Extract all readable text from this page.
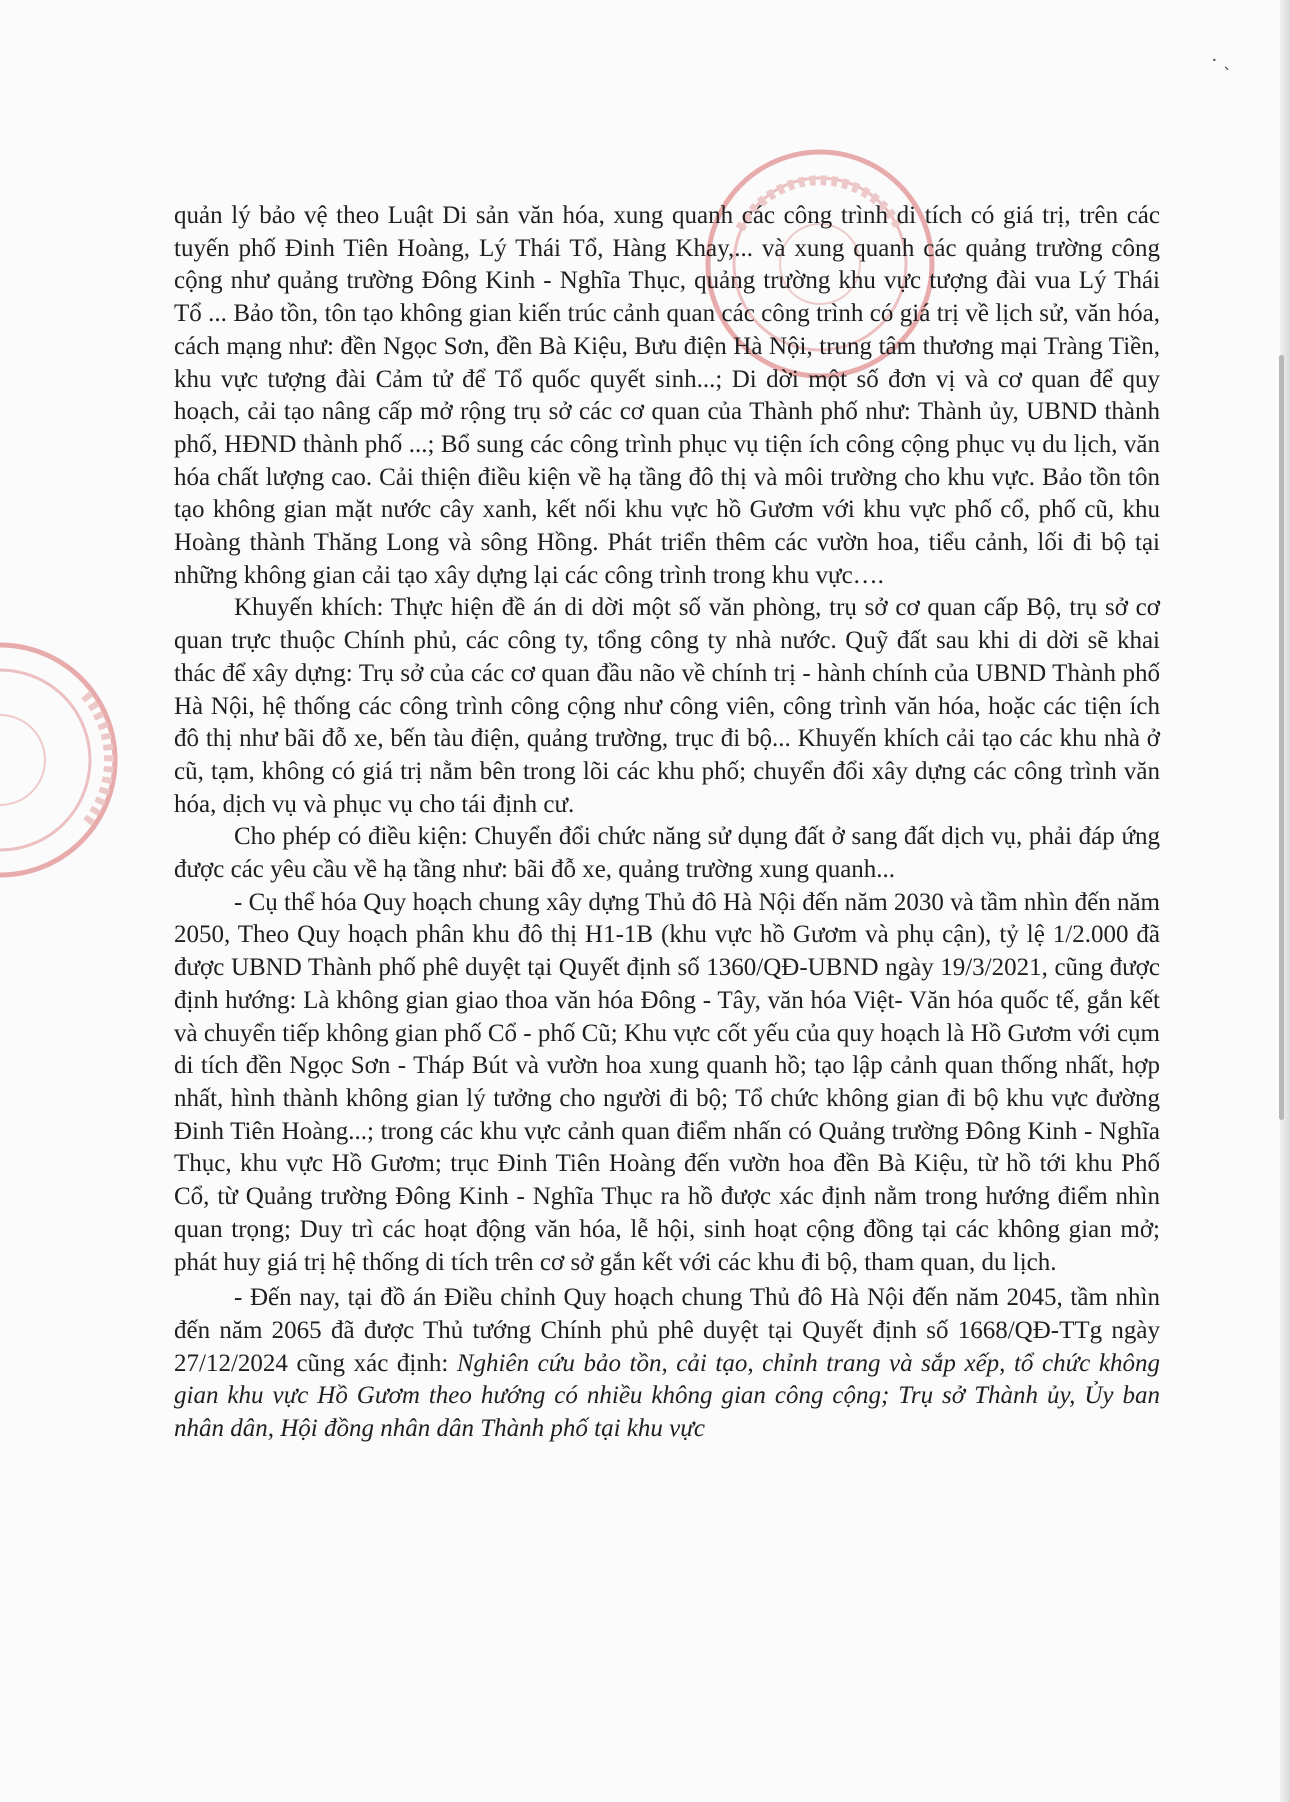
· ˎ

quản lý bảo vệ theo Luật Di sản văn hóa, xung quanh các công trình di tích có giá trị, trên các tuyến phố Đinh Tiên Hoàng, Lý Thái Tổ, Hàng Khay,... và xung quanh các quảng trường công cộng như quảng trường Đông Kinh - Nghĩa Thục, quảng trường khu vực tượng đài vua Lý Thái Tổ ... Bảo tồn, tôn tạo không gian kiến trúc cảnh quan các công trình có giá trị về lịch sử, văn hóa, cách mạng như: đền Ngọc Sơn, đền Bà Kiệu, Bưu điện Hà Nội, trung tâm thương mại Tràng Tiền, khu vực tượng đài Cảm tử để Tổ quốc quyết sinh...; Di dời một số đơn vị và cơ quan để quy hoạch, cải tạo nâng cấp mở rộng trụ sở các cơ quan của Thành phố như: Thành ủy, UBND thành phố, HĐND thành phố ...; Bổ sung các công trình phục vụ tiện ích công cộng phục vụ du lịch, văn hóa chất lượng cao. Cải thiện điều kiện về hạ tầng đô thị và môi trường cho khu vực. Bảo tồn tôn tạo không gian mặt nước cây xanh, kết nối khu vực hồ Gươm với khu vực phố cổ, phố cũ, khu Hoàng thành Thăng Long và sông Hồng. Phát triển thêm các vườn hoa, tiểu cảnh, lối đi bộ tại những không gian cải tạo xây dựng lại các công trình trong khu vực….

Khuyến khích: Thực hiện đề án di dời một số văn phòng, trụ sở cơ quan cấp Bộ, trụ sở cơ quan trực thuộc Chính phủ, các công ty, tổng công ty nhà nước. Quỹ đất sau khi di dời sẽ khai thác để xây dựng: Trụ sở của các cơ quan đầu não về chính trị - hành chính của UBND Thành phố Hà Nội, hệ thống các công trình công cộng như công viên, công trình văn hóa, hoặc các tiện ích đô thị như bãi đỗ xe, bến tàu điện, quảng trường, trục đi bộ... Khuyến khích cải tạo các khu nhà ở cũ, tạm, không có giá trị nằm bên trong lõi các khu phố; chuyển đổi xây dựng các công trình văn hóa, dịch vụ và phục vụ cho tái định cư.

Cho phép có điều kiện: Chuyển đổi chức năng sử dụng đất ở sang đất dịch vụ, phải đáp ứng được các yêu cầu về hạ tầng như: bãi đỗ xe, quảng trường xung quanh...

- Cụ thể hóa Quy hoạch chung xây dựng Thủ đô Hà Nội đến năm 2030 và tầm nhìn đến năm 2050, Theo Quy hoạch phân khu đô thị H1-1B (khu vực hồ Gươm và phụ cận), tỷ lệ 1/2.000 đã được UBND Thành phố phê duyệt tại Quyết định số 1360/QĐ-UBND ngày 19/3/2021, cũng được định hướng: Là không gian giao thoa văn hóa Đông - Tây, văn hóa Việt- Văn hóa quốc tế, gắn kết và chuyển tiếp không gian phố Cổ - phố Cũ; Khu vực cốt yếu của quy hoạch là Hồ Gươm với cụm di tích đền Ngọc Sơn - Tháp Bút và vườn hoa xung quanh hồ; tạo lập cảnh quan thống nhất, hợp nhất, hình thành không gian lý tưởng cho người đi bộ; Tổ chức không gian đi bộ khu vực đường Đinh Tiên Hoàng...; trong các khu vực cảnh quan điểm nhấn có Quảng trường Đông Kinh - Nghĩa Thục, khu vực Hồ Gươm; trục Đinh Tiên Hoàng đến vườn hoa đền Bà Kiệu, từ hồ tới khu Phố Cổ, từ Quảng trường Đông Kinh - Nghĩa Thục ra hồ được xác định nằm trong hướng điểm nhìn quan trọng; Duy trì các hoạt động văn hóa, lễ hội, sinh hoạt cộng đồng tại các không gian mở; phát huy giá trị hệ thống di tích trên cơ sở gắn kết với các khu đi bộ, tham quan, du lịch.

- Đến nay, tại đồ án Điều chỉnh Quy hoạch chung Thủ đô Hà Nội đến năm 2045, tầm nhìn đến năm 2065 đã được Thủ tướng Chính phủ phê duyệt tại Quyết định số 1668/QĐ-TTg ngày 27/12/2024 cũng xác định: Nghiên cứu bảo tồn, cải tạo, chỉnh trang và sắp xếp, tổ chức không gian khu vực Hồ Gươm theo hướng có nhiều không gian công cộng; Trụ sở Thành ủy, Ủy ban nhân dân, Hội đồng nhân dân Thành phố tại khu vực
